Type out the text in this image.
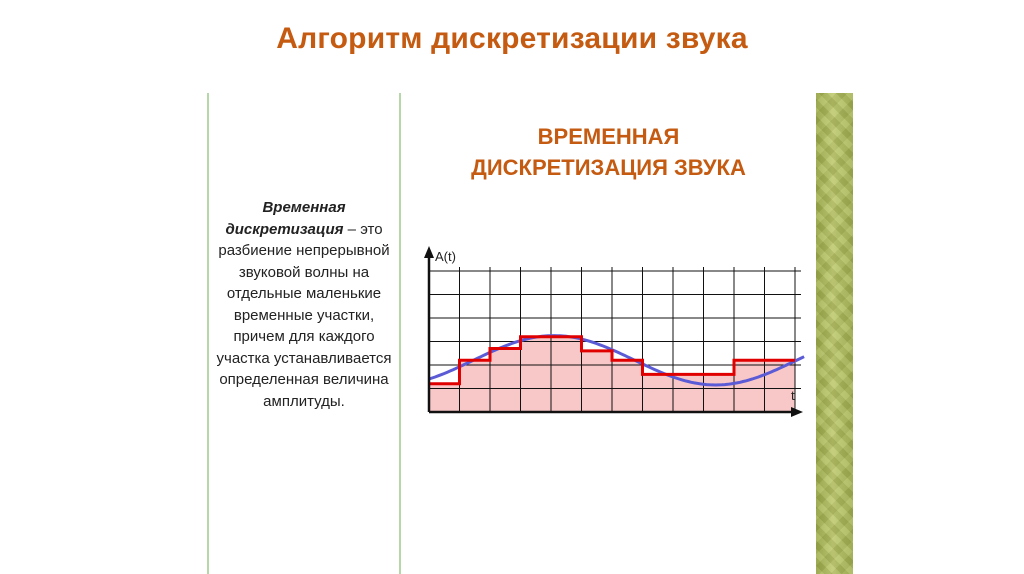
Алгоритм дискретизации звука
Временная дискретизация – это разбиение непрерывной звуковой волны на отдельные маленькие временные участки, причем для каждого участка устанавливается определенная величина амплитуды.
ВРЕМЕННАЯ
ДИСКРЕТИЗАЦИЯ ЗВУКА
A(t)
t
